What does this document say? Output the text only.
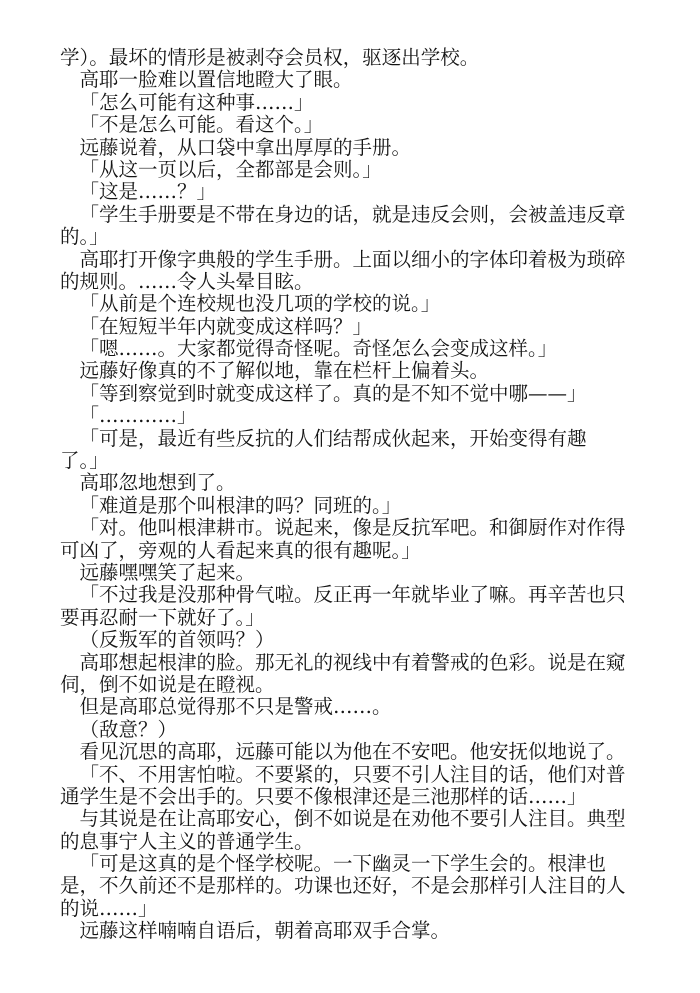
学）。最坏的情形是被剥夺会员权，驱逐出学校。
高耶一脸难以置信地瞪大了眼。
「怎么可能有这种事……」
「不是怎么可能。看这个。」
远藤说着，从口袋中拿出厚厚的手册。
「从这一页以后，全都部是会则。」
「这是……？」
「学生手册要是不带在身边的话，就是违反会则，会被盖违反章
的。」
高耶打开像字典般的学生手册。上面以细小的字体印着极为琐碎
的规则。……令人头晕目眩。
「从前是个连校规也没几项的学校的说。」
「在短短半年内就变成这样吗？」
「嗯……。大家都觉得奇怪呢。奇怪怎么会变成这样。」
远藤好像真的不了解似地，靠在栏杆上偏着头。
「等到察觉到时就变成这样了。真的是不知不觉中哪——」
「…………」
「可是，最近有些反抗的人们结帮成伙起来，开始变得有趣
了。」
高耶忽地想到了。
「难道是那个叫根津的吗？同班的。」
「对。他叫根津耕市。说起来，像是反抗军吧。和御厨作对作得
可凶了，旁观的人看起来真的很有趣呢。」
远藤嘿嘿笑了起来。
「不过我是没那种骨气啦。反正再一年就毕业了嘛。再辛苦也只
要再忍耐一下就好了。」
（反叛军的首领吗？）
高耶想起根津的脸。那无礼的视线中有着警戒的色彩。说是在窥
伺，倒不如说是在瞪视。
但是高耶总觉得那不只是警戒……。
（敌意？）
看见沉思的高耶，远藤可能以为他在不安吧。他安抚似地说了。
「不、不用害怕啦。不要紧的，只要不引人注目的话，他们对普
通学生是不会出手的。只要不像根津还是三池那样的话……」
与其说是在让高耶安心，倒不如说是在劝他不要引人注目。典型
的息事宁人主义的普通学生。
「可是这真的是个怪学校呢。一下幽灵一下学生会的。根津也
是，不久前还不是那样的。功课也还好，不是会那样引人注目的人
的说……」
远藤这样喃喃自语后，朝着高耶双手合掌。
